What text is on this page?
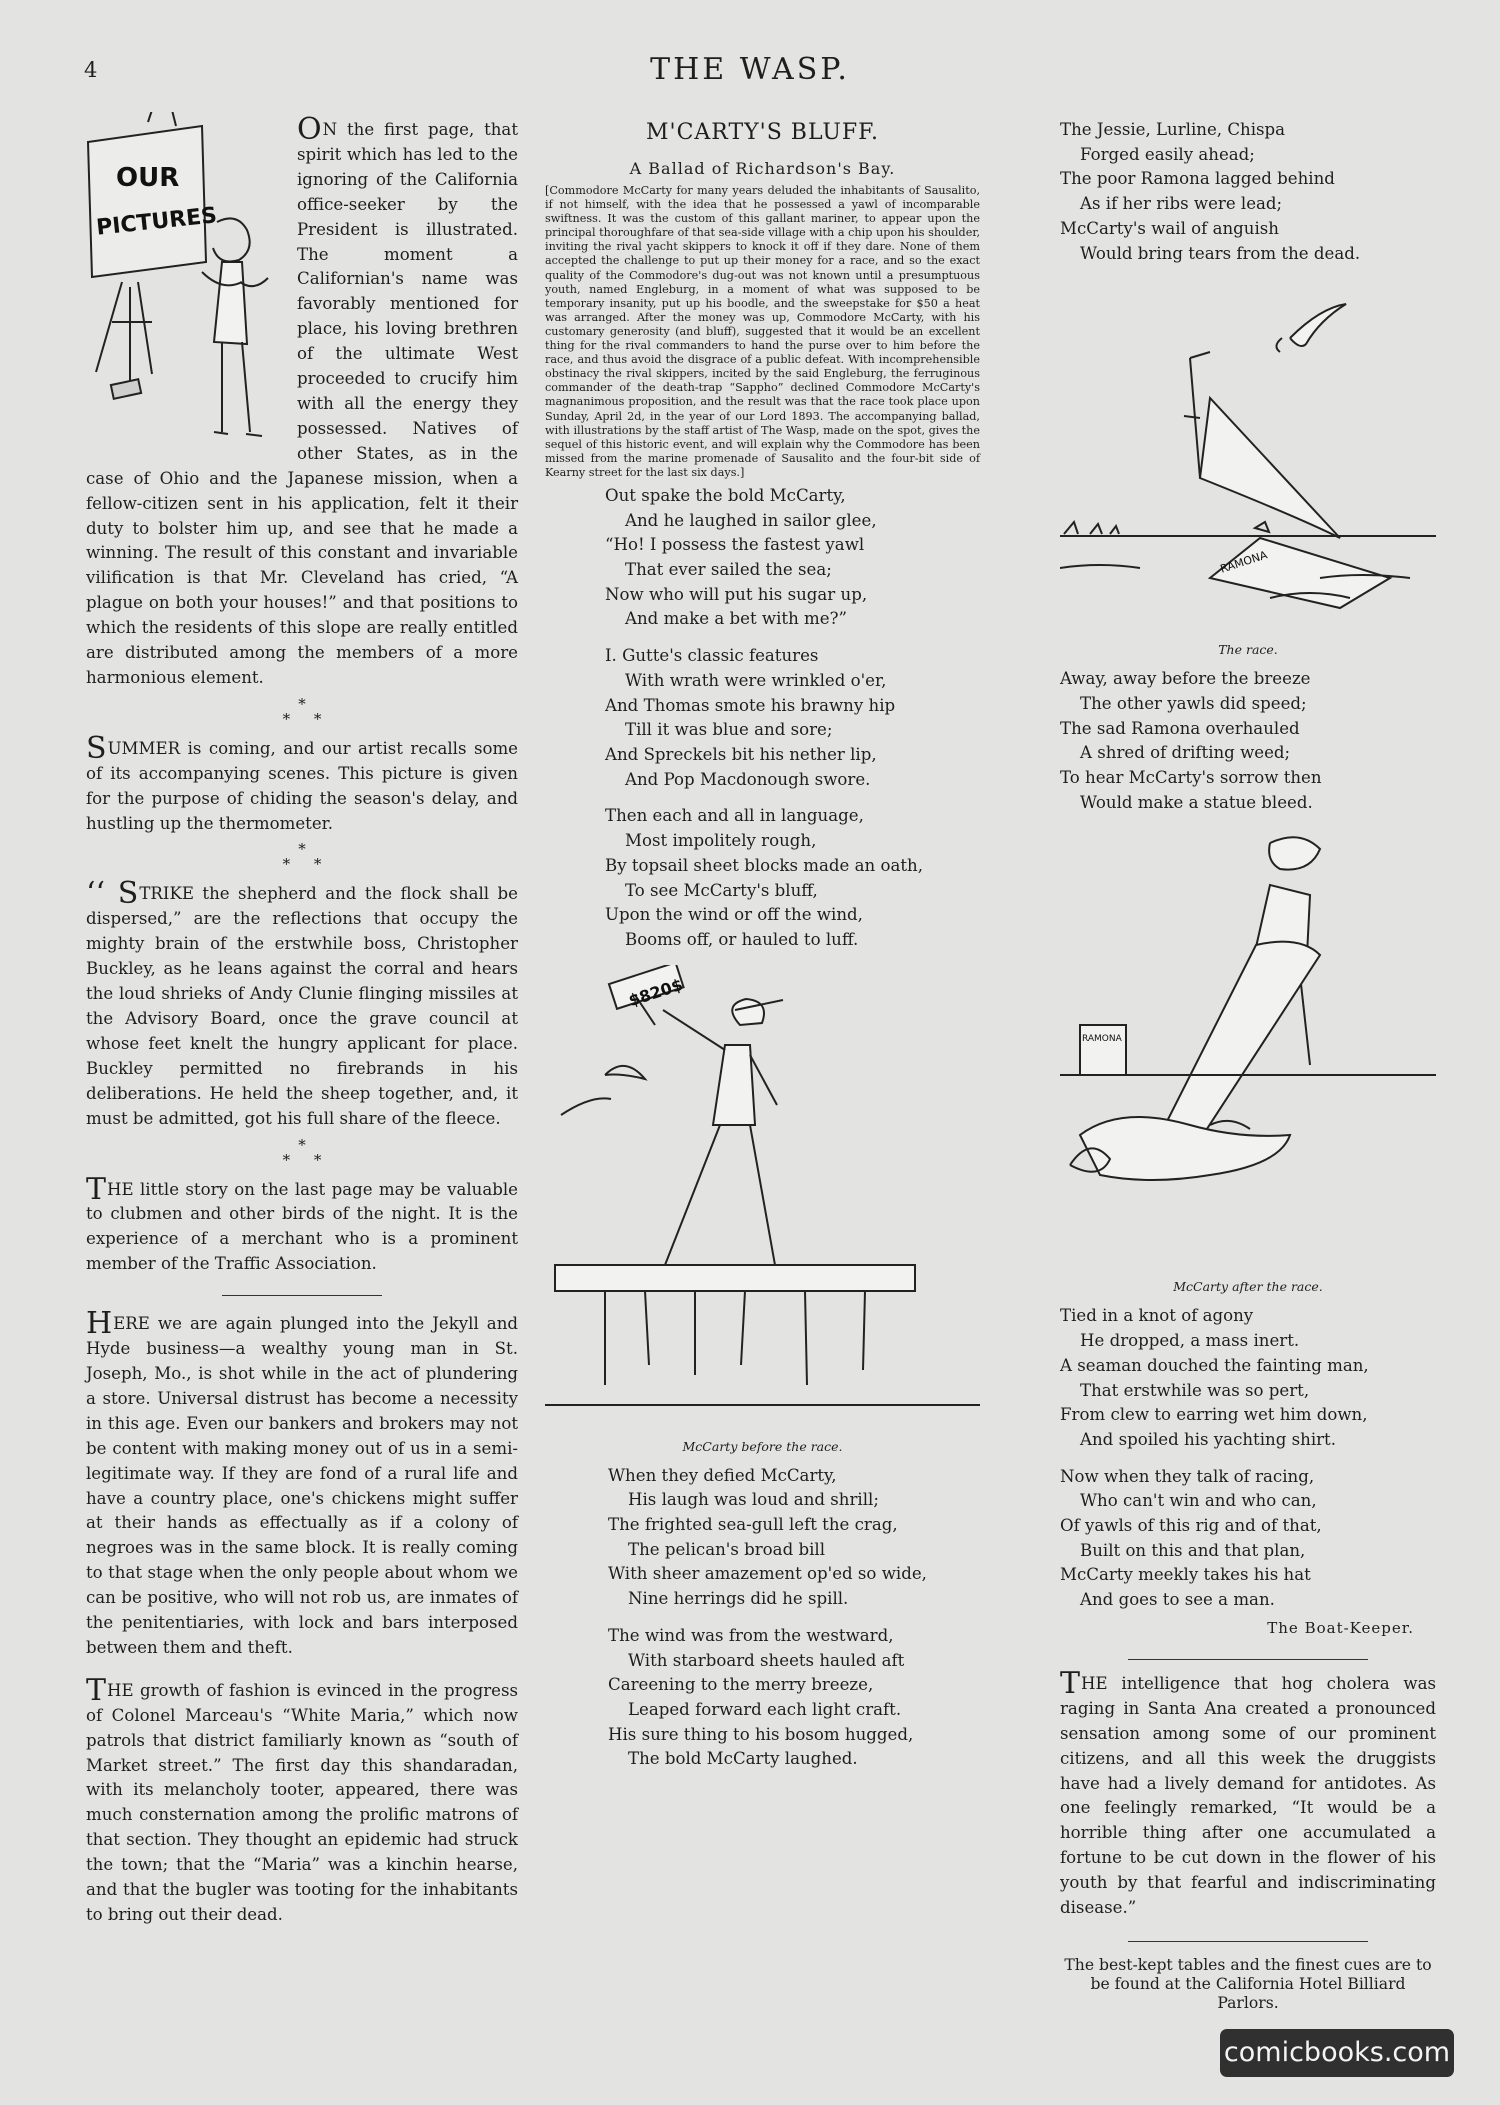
4	THE WASP.
OUR
PICTURES

ON the first page, that spirit which has led to the ignoring of the California office-seeker by the President is illustrated. The moment a Californian's name was favorably mentioned for place, his loving brethren of the ultimate West proceeded to crucify him with all the energy they possessed. Natives of other States, as in the case of Ohio and the Japanese mission, when a fellow-citizen sent in his application, felt it their duty to bolster him up, and see that he made a winning. The result of this constant and invariable vilification is that Mr. Cleveland has cried, “A plague on both your houses!” and that positions to which the residents of this slope are really entitled are distributed among the members of a more harmonious element.

*
*     *

SUMMER is coming, and our artist recalls some of its accompanying scenes. This picture is given for the purpose of chiding the season's delay, and hustling up the thermometer.

*
*     *

‘‘ STRIKE the shepherd and the flock shall be dispersed,” are the reflections that occupy the mighty brain of the erstwhile boss, Christopher Buckley, as he leans against the corral and hears the loud shrieks of Andy Clunie flinging missiles at the Advisory Board, once the grave council at whose feet knelt the hungry applicant for place. Buckley permitted no firebrands in his deliberations. He held the sheep together, and, it must be admitted, got his full share of the fleece.

*
*     *

THE little story on the last page may be valuable to clubmen and other birds of the night. It is the experience of a merchant who is a prominent member of the Traffic Association.

HERE we are again plunged into the Jekyll and Hyde business—a wealthy young man in St. Joseph, Mo., is shot while in the act of plundering a store. Universal distrust has become a necessity in this age. Even our bankers and brokers may not be content with making money out of us in a semi-legitimate way. If they are fond of a rural life and have a country place, one's chickens might suffer at their hands as effectually as if a colony of negroes was in the same block. It is really coming to that stage when the only people about whom we can be positive, who will not rob us, are inmates of the penitentiaries, with lock and bars interposed between them and theft.

THE growth of fashion is evinced in the progress of Colonel Marceau's “White Maria,” which now patrols that district familiarly known as “south of Market street.” The first day this shandaradan, with its melancholy tooter, appeared, there was much consternation among the prolific matrons of that section. They thought an epidemic had struck the town; that the “Maria” was a kinchin hearse, and that the bugler was tooting for the inhabitants to bring out their dead.

M'CARTY'S BLUFF.
A Ballad of Richardson's Bay.

[Commodore McCarty for many years deluded the inhabitants of Sausalito, if not himself, with the idea that he possessed a yawl of incomparable swiftness. It was the custom of this gallant mariner, to appear upon the principal thoroughfare of that sea-side village with a chip upon his shoulder, inviting the rival yacht skippers to knock it off if they dare. None of them accepted the challenge to put up their money for a race, and so the exact quality of the Commodore's dug-out was not known until a presumptuous youth, named Engleburg, in a moment of what was supposed to be temporary insanity, put up his boodle, and the sweepstake for $50 a heat was arranged. After the money was up, Commodore McCarty, with his customary generosity (and bluff), suggested that it would be an excellent thing for the rival commanders to hand the purse over to him before the race, and thus avoid the disgrace of a public defeat. With incomprehensible obstinacy the rival skippers, incited by the said Engleburg, the ferruginous commander of the death-trap “Sappho” declined Commodore McCarty's magnanimous proposition, and the result was that the race took place upon Sunday, April 2d, in the year of our Lord 1893. The accompanying ballad, with illustrations by the staff artist of The Wasp, made on the spot, gives the sequel of this historic event, and will explain why the Commodore has been missed from the marine promenade of Sausalito and the four-bit side of Kearny street for the last six days.]

Out spake the bold McCarty,
And he laughed in sailor glee,
“Ho! I possess the fastest yawl
That ever sailed the sea;
Now who will put his sugar up,
And make a bet with me?”
I. Gutte's classic features
With wrath were wrinkled o'er,
And Thomas smote his brawny hip
Till it was blue and sore;
And Spreckels bit his nether lip,
And Pop Macdonough swore.
Then each and all in language,
Most impolitely rough,
By topsail sheet blocks made an oath,
To see McCarty's bluff,
Upon the wind or off the wind,
Booms off, or hauled to luff.
$820$
McCarty before the race.
When they defied McCarty,
His laugh was loud and shrill;
The frighted sea-gull left the crag,
The pelican's broad bill
With sheer amazement op'ed so wide,
Nine herrings did he spill.
The wind was from the westward,
With starboard sheets hauled aft
Careening to the merry breeze,
Leaped forward each light craft.
His sure thing to his bosom hugged,
The bold McCarty laughed.
The Jessie, Lurline, Chispa
Forged easily ahead;
The poor Ramona lagged behind
As if her ribs were lead;
McCarty's wail of anguish
Would bring tears from the dead.
RAMONA
The race.
Away, away before the breeze
The other yawls did speed;
The sad Ramona overhauled
A shred of drifting weed;
To hear McCarty's sorrow then
Would make a statue bleed.
RAMONA
McCarty after the race.
Tied in a knot of agony
He dropped, a mass inert.
A seaman douched the fainting man,
That erstwhile was so pert,
From clew to earring wet him down,
And spoiled his yachting shirt.
Now when they talk of racing,
Who can't win and who can,
Of yawls of this rig and of that,
Built on this and that plan,
McCarty meekly takes his hat
And goes to see a man.
The Boat-Keeper.

THE intelligence that hog cholera was raging in Santa Ana created a pronounced sensation among some of our prominent citizens, and all this week the druggists have had a lively demand for antidotes. As one feelingly remarked, “It would be a horrible thing after one accumulated a fortune to be cut down in the flower of his youth by that fearful and indiscriminating disease.”

The best-kept tables and the finest cues are to be found at the California Hotel Billiard Parlors.

comicbooks.com
